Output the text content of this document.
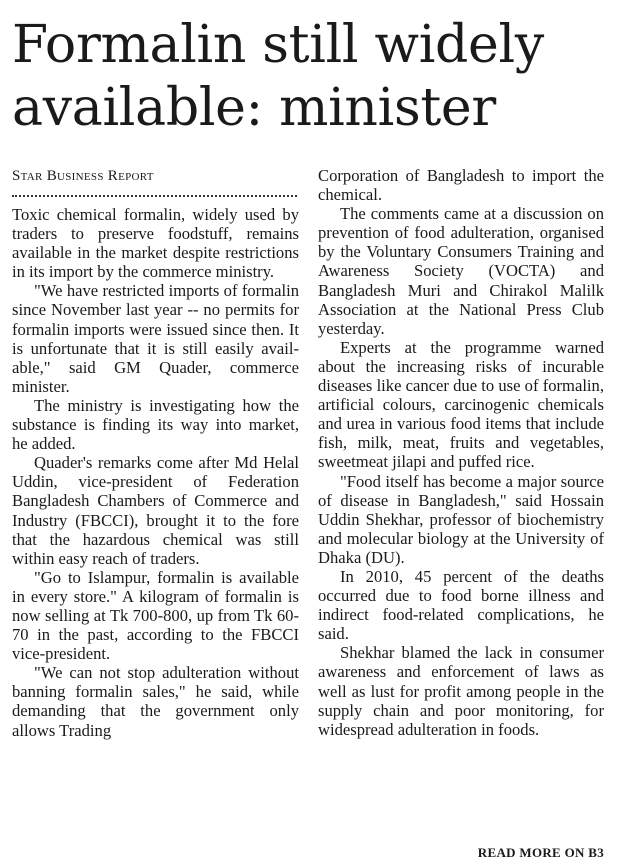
Formalin still widely available: minister
Star Business Report

Toxic chemical formalin, widely used by traders to preserve foodstuff, remains available in the market despite restrictions in its import by the commerce ministry.

"We have restricted imports of formalin since November last year -- no permits for formalin imports were issued since then. It is unfortunate that it is still easily available," said GM Quader, commerce minister.

The ministry is investigating how the substance is finding its way into market, he added.

Quader's remarks come after Md Helal Uddin, vice-president of Federation Bangladesh Chambers of Commerce and Industry (FBCCI), brought it to the fore that the hazardous chemical was still within easy reach of traders.

"Go to Islampur, formalin is available in every store." A kilogram of formalin is now selling at Tk 700-800, up from Tk 60-70 in the past, according to the FBCCI vice-president.

"We can not stop adulteration without banning formalin sales," he said, while demanding that the government only allows Trading

Corporation of Bangladesh to import the chemical.

The comments came at a discussion on prevention of food adulteration, organised by the Voluntary Consumers Training and Awareness Society (VOCTA) and Bangladesh Muri and Chirakol Malilk Association at the National Press Club yesterday.

Experts at the programme warned about the increasing risks of incurable diseases like cancer due to use of formalin, artificial colours, carcinogenic chemicals and urea in various food items that include fish, milk, meat, fruits and vegetables, sweetmeat jilapi and puffed rice.

"Food itself has become a major source of disease in Bangladesh," said Hossain Uddin Shekhar, professor of biochemistry and molecular biology at the University of Dhaka (DU).

In 2010, 45 percent of the deaths occurred due to food borne illness and indirect food-related complications, he said.

Shekhar blamed the lack in consumer awareness and enforcement of laws as well as lust for profit among people in the supply chain and poor monitoring, for widespread adulteration in foods.

READ MORE ON B3
